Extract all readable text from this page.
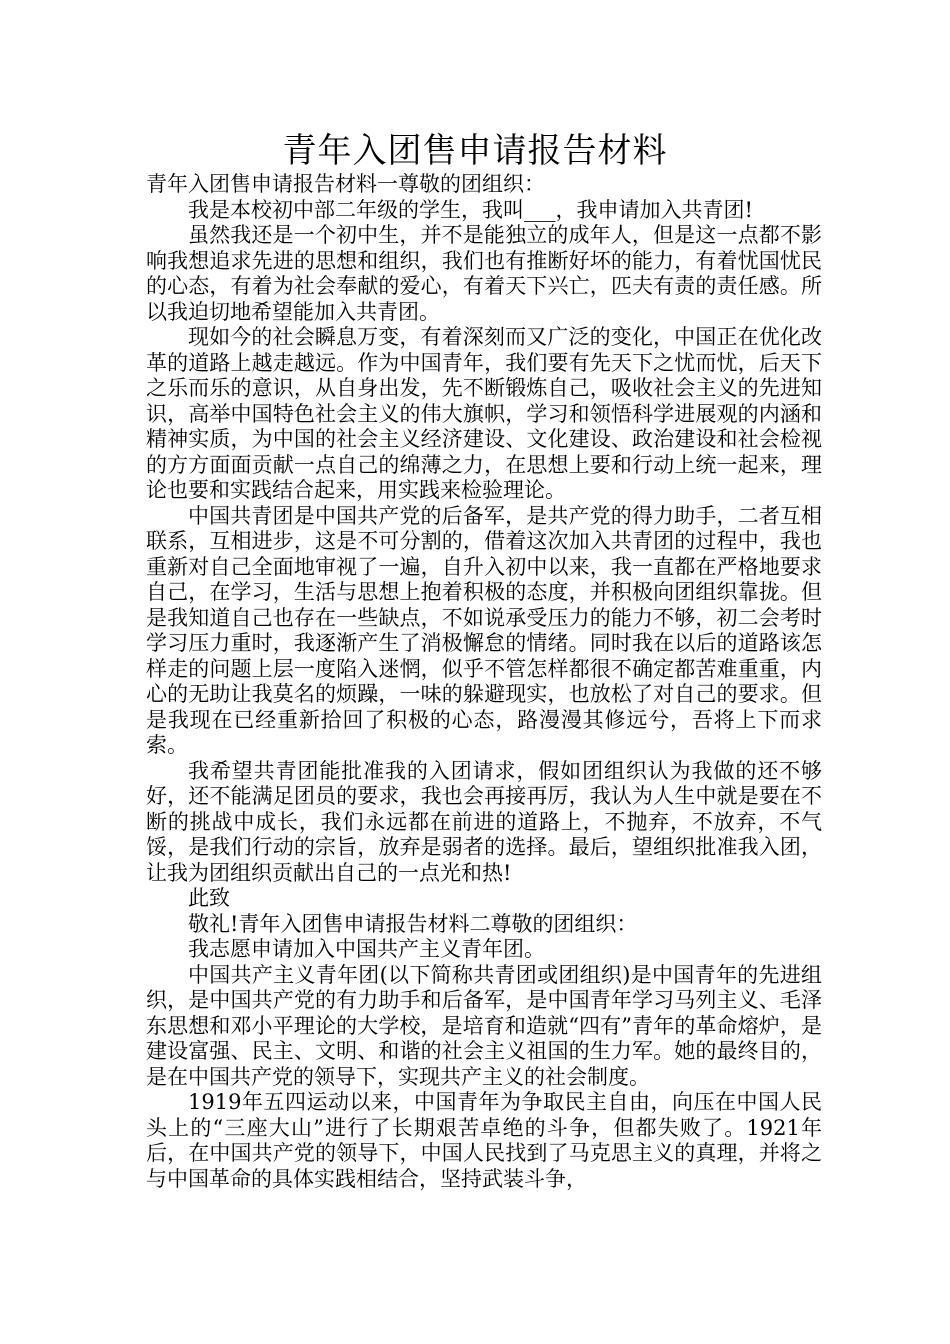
青年入团售申请报告材料

青年入团售申请报告材料一尊敬的团组织：

我是本校初中部二年级的学生，我叫___，我申请加入共青团!

虽然我还是一个初中生，并不是能独立的成年人，但是这一点都不影响我想追求先进的思想和组织，我们也有推断好坏的能力，有着忧国忧民的心态，有着为社会奉献的爱心，有着天下兴亡，匹夫有责的责任感。所以我迫切地希望能加入共青团。

现如今的社会瞬息万变，有着深刻而又广泛的变化，中国正在优化改革的道路上越走越远。作为中国青年，我们要有先天下之忧而忧，后天下之乐而乐的意识，从自身出发，先不断锻炼自己，吸收社会主义的先进知识，高举中国特色社会主义的伟大旗帜，学习和领悟科学进展观的内涵和精神实质，为中国的社会主义经济建设、文化建设、政治建设和社会检视的方方面面贡献一点自己的绵薄之力，在思想上要和行动上统一起来，理论也要和实践结合起来，用实践来检验理论。

中国共青团是中国共产党的后备军，是共产党的得力助手，二者互相联系，互相进步，这是不可分割的，借着这次加入共青团的过程中，我也重新对自己全面地审视了一遍，自升入初中以来，我一直都在严格地要求自己，在学习，生活与思想上抱着积极的态度，并积极向团组织靠拢。但是我知道自己也存在一些缺点，不如说承受压力的能力不够，初二会考时学习压力重时，我逐渐产生了消极懈怠的情绪。同时我在以后的道路该怎样走的问题上层一度陷入迷惘，似乎不管怎样都很不确定都苦难重重，内心的无助让我莫名的烦躁，一味的躲避现实，也放松了对自己的要求。但是我现在已经重新拾回了积极的心态，路漫漫其修远兮，吾将上下而求索。

我希望共青团能批准我的入团请求，假如团组织认为我做的还不够好，还不能满足团员的要求，我也会再接再厉，我认为人生中就是要在不断的挑战中成长，我们永远都在前进的道路上，不抛弃，不放弃，不气馁，是我们行动的宗旨，放弃是弱者的选择。最后，望组织批准我入团，让我为团组织贡献出自己的一点光和热!

此致

敬礼!青年入团售申请报告材料二尊敬的团组织：

我志愿申请加入中国共产主义青年团。

中国共产主义青年团(以下简称共青团或团组织)是中国青年的先进组织，是中国共产党的有力助手和后备军，是中国青年学习马列主义、毛泽东思想和邓小平理论的大学校，是培育和造就“四有”青年的革命熔炉，是建设富强、民主、文明、和谐的社会主义祖国的生力军。她的最终目的，是在中国共产党的领导下，实现共产主义的社会制度。

1919年五四运动以来，中国青年为争取民主自由，向压在中国人民头上的“三座大山”进行了长期艰苦卓绝的斗争，但都失败了。1921年后，在中国共产党的领导下，中国人民找到了马克思主义的真理，并将之与中国革命的具体实践相结合，坚持武装斗争，
